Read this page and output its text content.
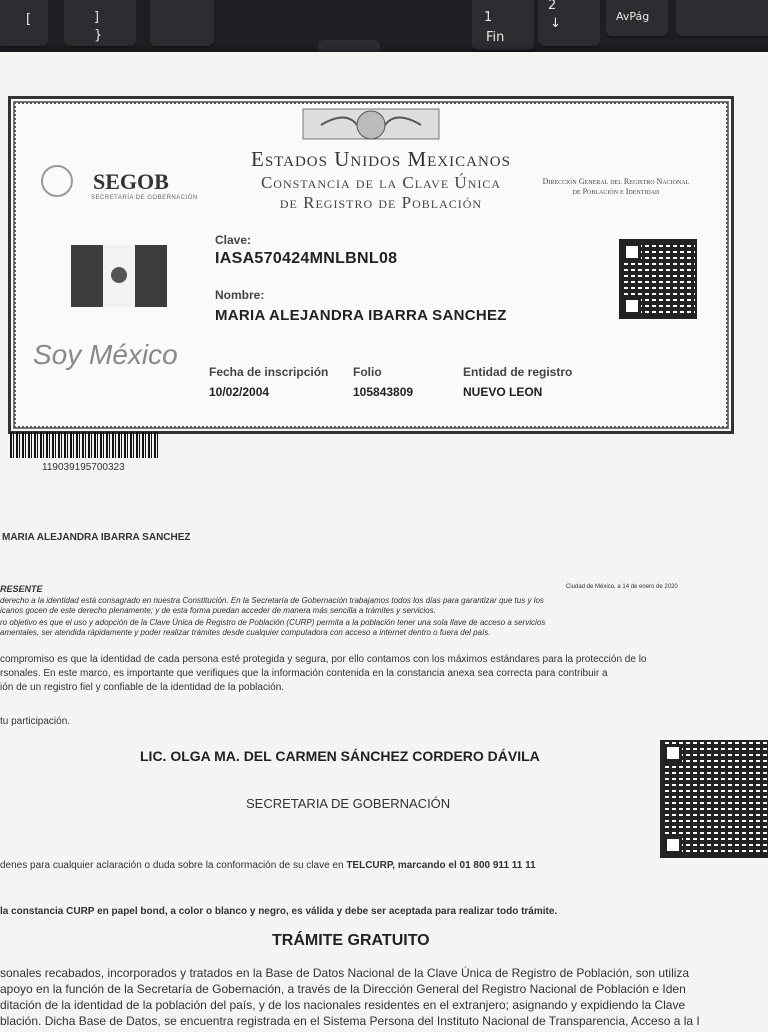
[	]
}
1
Fin
2
↓	AvPág
Estados Unidos Mexicanos
Constancia de la Clave Única
de Registro de Población
SEGOB
SECRETARÍA DE GOBERNACIÓN
Dirección General del Registro Nacional de Población e Identidad
Soy México
Clave:
IASA570424MNLBNL08
Nombre:
MARIA ALEJANDRA IBARRA SANCHEZ
Fecha de inscripción
10/02/2004
Folio
105843809
Entidad de registro
NUEVO LEON
119039195700323
MARIA ALEJANDRA IBARRA SANCHEZ
RESENTE	Ciudad de México, a 14 de enero de 2020
derecho a la identidad está consagrado en nuestra Constitución. En la Secretaría de Gobernación trabajamos todos los días para garantizar que tus y los
icanos gocen de este derecho plenamente; y de esta forma puedan acceder de manera más sencilla a trámites y servicios.
ro objetivo es que el uso y adopción de la Clave Única de Registro de Población (CURP) permita a la población tener una sola llave de acceso a servicios
amentales, ser atendida rápidamente y poder realizar trámites desde cualquier computadora con acceso a internet dentro o fuera del país.
compromiso es que la identidad de cada persona esté protegida y segura, por ello contamos con los máximos estándares para la protección de lo
rsonales. En este marco, es importante que verifiques que la información contenida en la constancia anexa sea correcta para contribuir a
ión de un registro fiel y confiable de la identidad de la población.
tu participación.
LIC. OLGA MA. DEL CARMEN SÁNCHEZ CORDERO DÁVILA
SECRETARIA DE GOBERNACIÓN
denes para cualquier aclaración o duda sobre la conformación de su clave en TELCURP, marcando el 01 800 911 11 11
la constancia CURP en papel bond, a color o blanco y negro, es válida y debe ser aceptada para realizar todo trámite.
TRÁMITE GRATUITO
sonales recabados, incorporados y tratados en la Base de Datos Nacional de la Clave Única de Registro de Población, son utiliza
apoyo en la función de la Secretaría de Gobernación, a través de la Dirección General del Registro Nacional de Población e Iden
ditación de la identidad de la población del país, y de los nacionales residentes en el extranjero; asignando y expidiendo la Clave
blación. Dicha Base de Datos, se encuentra registrada en el Sistema Persona del Instituto Nacional de Transparencia, Acceso a la I
